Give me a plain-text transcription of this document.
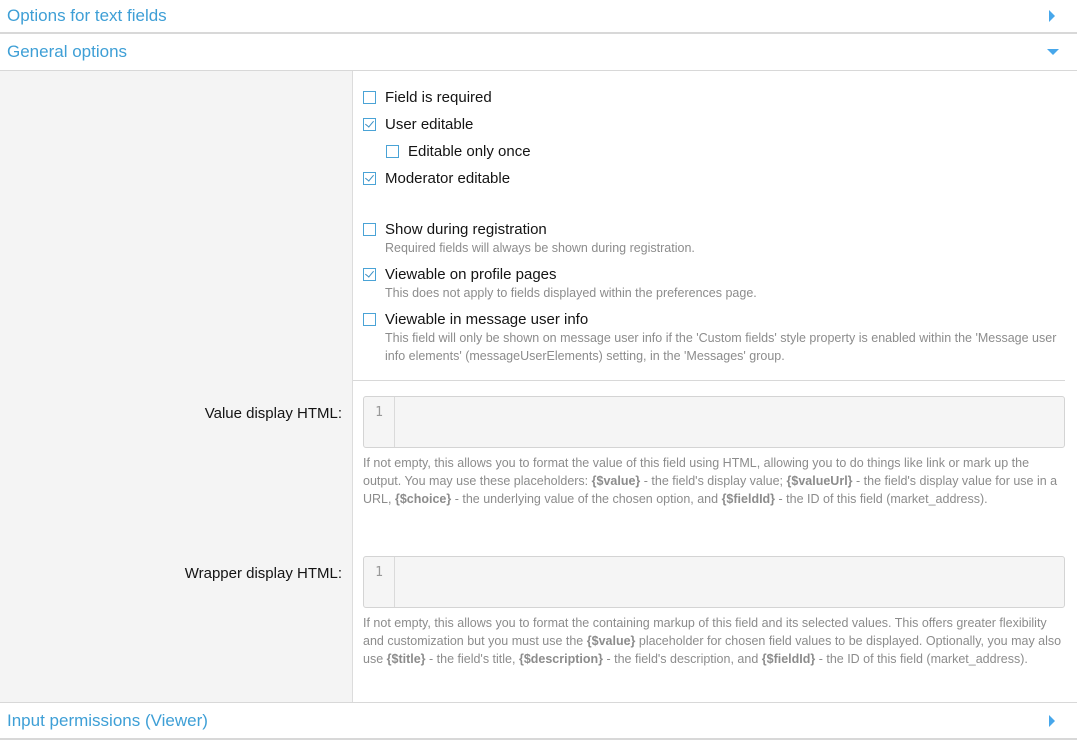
Options for text fields
General options
Value display HTML:
Wrapper display HTML:
Field is required
User editable
Editable only once
Moderator editable
Show during registration
Required fields will always be shown during registration.
Viewable on profile pages
This does not apply to fields displayed within the preferences page.
Viewable in message user info
This field will only be shown on message user info if the 'Custom fields' style property is enabled within the 'Message user info elements' (messageUserElements) setting, in the 'Messages' group.
1
If not empty, this allows you to format the value of this field using HTML, allowing you to do things like link or mark up the output. You may use these placeholders: {$value} - the field's display value; {$valueUrl} - the field's display value for use in a URL, {$choice} - the underlying value of the chosen option, and {$fieldId} - the ID of this field (market_address).
1
If not empty, this allows you to format the containing markup of this field and its selected values. This offers greater flexibility and customization but you must use the {$value} placeholder for chosen field values to be displayed. Optionally, you may also use {$title} - the field's title, {$description} - the field's description, and {$fieldId} - the ID of this field (market_address).
Input permissions (Viewer)
